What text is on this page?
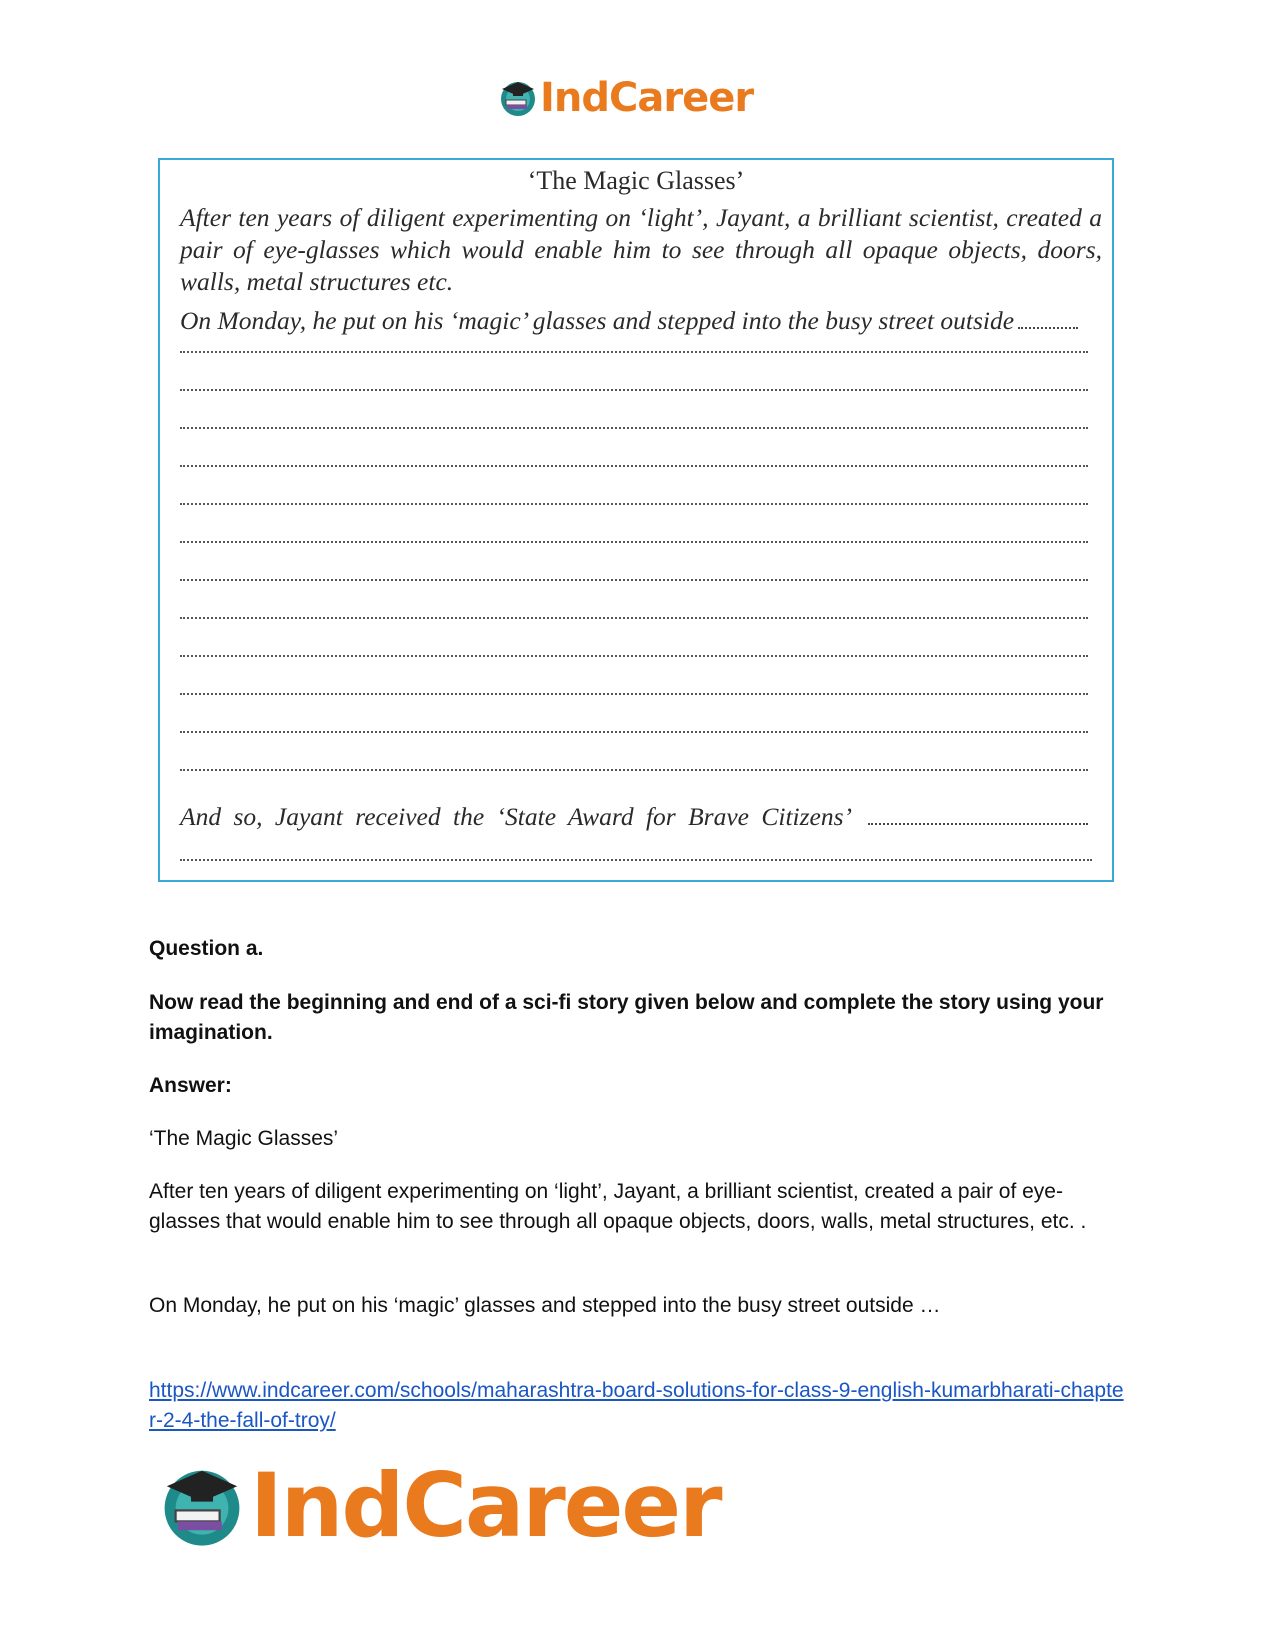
IndCareer
‘The Magic Glasses’
After ten years of diligent experimenting on ‘light’, Jayant, a brilliant scientist, created a pair of eye-glasses which would enable him to see through all opaque objects, doors, walls, metal structures etc.
On Monday, he put on his ‘magic’ glasses and stepped into the busy street outside
And so, Jayant received the ‘State Award for Brave Citizens’
Question a.
Now read the beginning and end of a sci-fi story given below and complete the story using your imagination.
Answer:
‘The Magic Glasses’
After ten years of diligent experimenting on ‘light’, Jayant, a brilliant scientist, created a pair of eye-glasses that would enable him to see through all opaque objects, doors, walls, metal structures, etc. .
On Monday, he put on his ‘magic’ glasses and stepped into the busy street outside …
https://www.indcareer.com/schools/maharashtra-board-solutions-for-class-9-english-kumarbharati-chapter-2-4-the-fall-of-troy/
IndCareer
